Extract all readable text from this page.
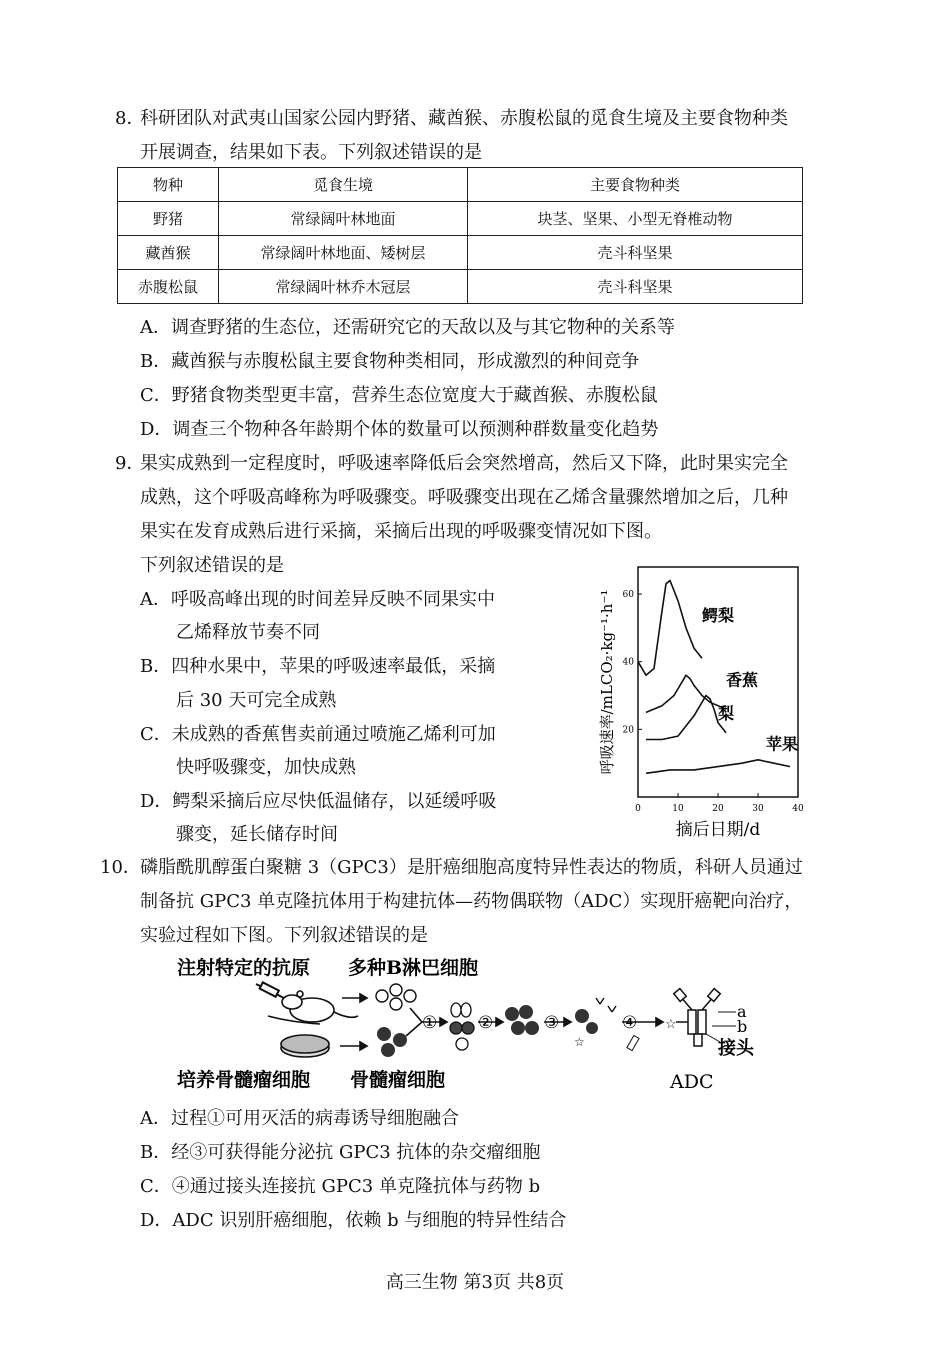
8．
科研团队对武夷山国家公园内野猪、藏酋猴、赤腹松鼠的觅食生境及主要食物种类
开展调查，结果如下表。下列叙述错误的是
物种	觅食生境	主要食物种类
野猪	常绿阔叶林地面	块茎、坚果、小型无脊椎动物
藏酋猴	常绿阔叶林地面、矮树层	壳斗科坚果
赤腹松鼠	常绿阔叶林乔木冠层	壳斗科坚果
A．调查野猪的生态位，还需研究它的天敌以及与其它物种的关系等
B．藏酋猴与赤腹松鼠主要食物种类相同，形成激烈的种间竞争
C．野猪食物类型更丰富，营养生态位宽度大于藏酋猴、赤腹松鼠
D．调查三个物种各年龄期个体的数量可以预测种群数量变化趋势
9．
果实成熟到一定程度时，呼吸速率降低后会突然增高，然后又下降，此时果实完全
成熟，这个呼吸高峰称为呼吸骤变。呼吸骤变出现在乙烯含量骤然增加之后，几种
果实在发育成熟后进行采摘，采摘后出现的呼吸骤变情况如下图。
下列叙述错误的是
A．呼吸高峰出现的时间差异反映不同果实中
乙烯释放节奏不同
B．四种水果中，苹果的呼吸速率最低，采摘
后 30 天可完全成熟
C．未成熟的香蕉售卖前通过喷施乙烯利可加
快呼吸骤变，加快成熟
D．鳄梨采摘后应尽快低温储存，以延缓呼吸
骤变，延长储存时间
0	10	20	30	40
20
40
60
摘后日期/d
呼吸速率/mLCO₂·kg⁻¹·h⁻¹	鳄梨
香蕉
梨
苹果
10． 磷脂酰肌醇蛋白聚糖 3（GPC3）是肝癌细胞高度特异性表达的物质，科研人员通过
制备抗 GPC3 单克隆抗体用于构建抗体—药物偶联物（ADC）实现肝癌靶向治疗，
实验过程如下图。下列叙述错误的是
注射特定的抗原 多种B淋巴细胞
培养骨髓瘤细胞 骨髓瘤细胞
① ②	③
☆
④ ☆
a
b
接头
ADC
A．过程①可用灭活的病毒诱导细胞融合
B．经③可获得能分泌抗 GPC3 抗体的杂交瘤细胞
C．④通过接头连接抗 GPC3 单克隆抗体与药物 b
D．ADC 识别肝癌细胞，依赖 b 与细胞的特异性结合
高三生物 第3页 共8页
